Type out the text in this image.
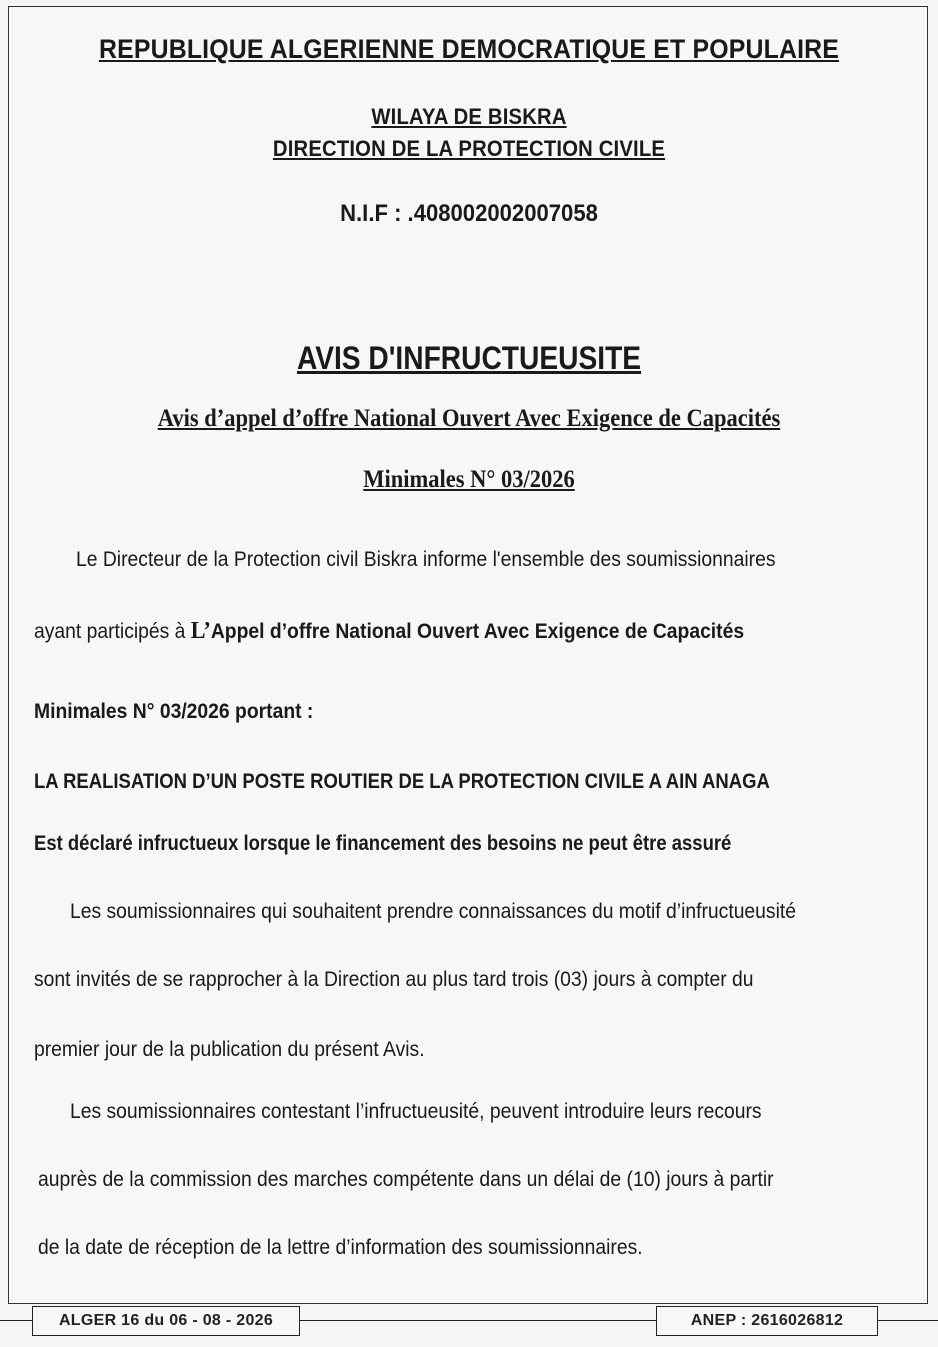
REPUBLIQUE ALGERIENNE DEMOCRATIQUE ET POPULAIRE
WILAYA DE BISKRA
DIRECTION DE LA PROTECTION CIVILE
N.I.F : .408002002007058
AVIS D'INFRUCTUEUSITE
Avis d’appel d’offre National Ouvert Avec Exigence de Capacités
Minimales N° 03/2026
Le Directeur de la Protection civil Biskra informe l'ensemble des soumissionnaires
ayant participés à L’Appel d’offre National Ouvert Avec Exigence de Capacités
Minimales N° 03/2026 portant :
LA REALISATION D’UN POSTE ROUTIER DE LA PROTECTION CIVILE A AIN ANAGA
Est déclaré infructueux lorsque le financement des besoins ne peut être assuré
Les soumissionnaires qui souhaitent prendre connaissances du motif d’infructueusité
sont invités de se rapprocher à la Direction au plus tard trois (03) jours à compter du
premier jour de la publication du présent Avis.
Les soumissionnaires contestant l’infructueusité, peuvent introduire leurs recours
auprès de la commission des marches compétente dans un délai de (10) jours à partir
de la date de réception de la lettre d’information des soumissionnaires.
ALGER 16 du 06 - 08 - 2026	ANEP : 2616026812
